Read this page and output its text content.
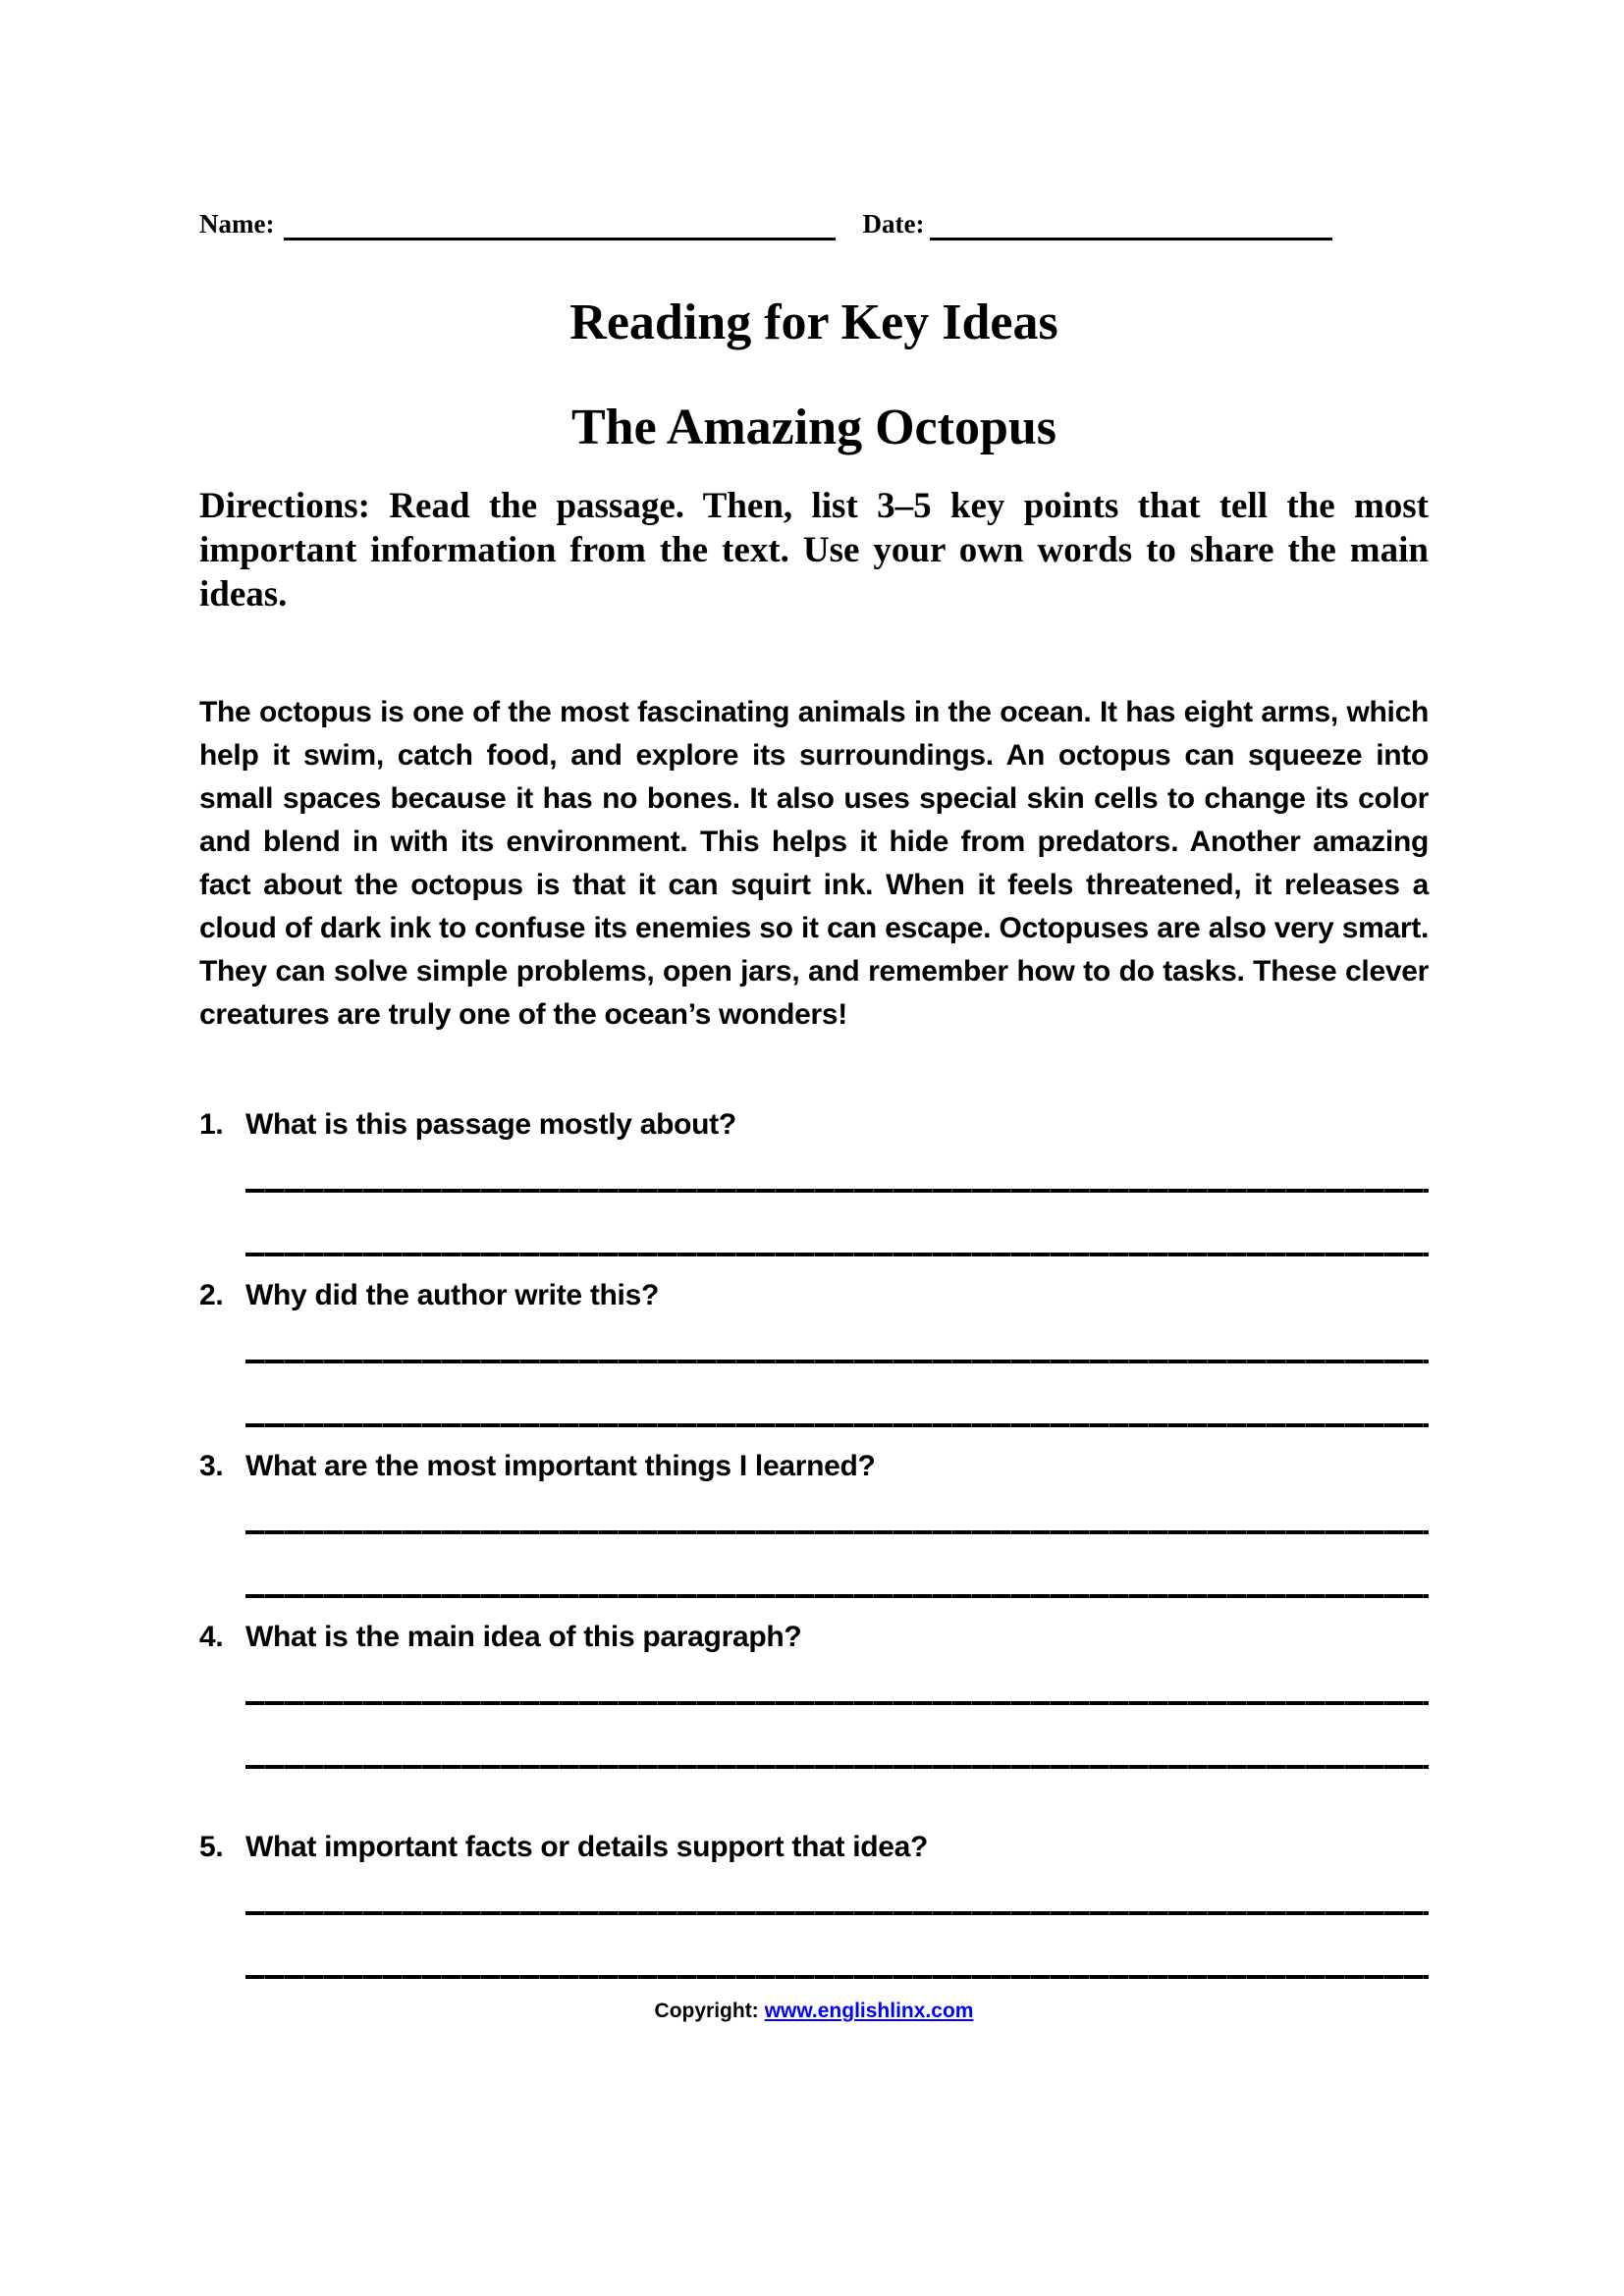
Name:	Date:
Reading for Key Ideas
The Amazing Octopus

Directions: Read the passage. Then, list 3–5 key points that tell the most important information from the text. Use your own words to share the main ideas.

The octopus is one of the most fascinating animals in the ocean. It has eight arms, which help it swim, catch food, and explore its surroundings. An octopus can squeeze into small spaces because it has no bones. It also uses special skin cells to change its color and blend in with its environment. This helps it hide from predators. Another amazing fact about the octopus is that it can squirt ink. When it feels threatened, it releases a cloud of dark ink to confuse its enemies so it can escape. Octopuses are also very smart. They can solve simple problems, open jars, and remember how to do tasks. These clever creatures are truly one of the ocean’s wonders!

1. What is this passage mostly about?
2. Why did the author write this?
3. What are the most important things I learned?
4. What is the main idea of this paragraph?
5. What important facts or details support that idea?
Copyright: www.englishlinx.com
